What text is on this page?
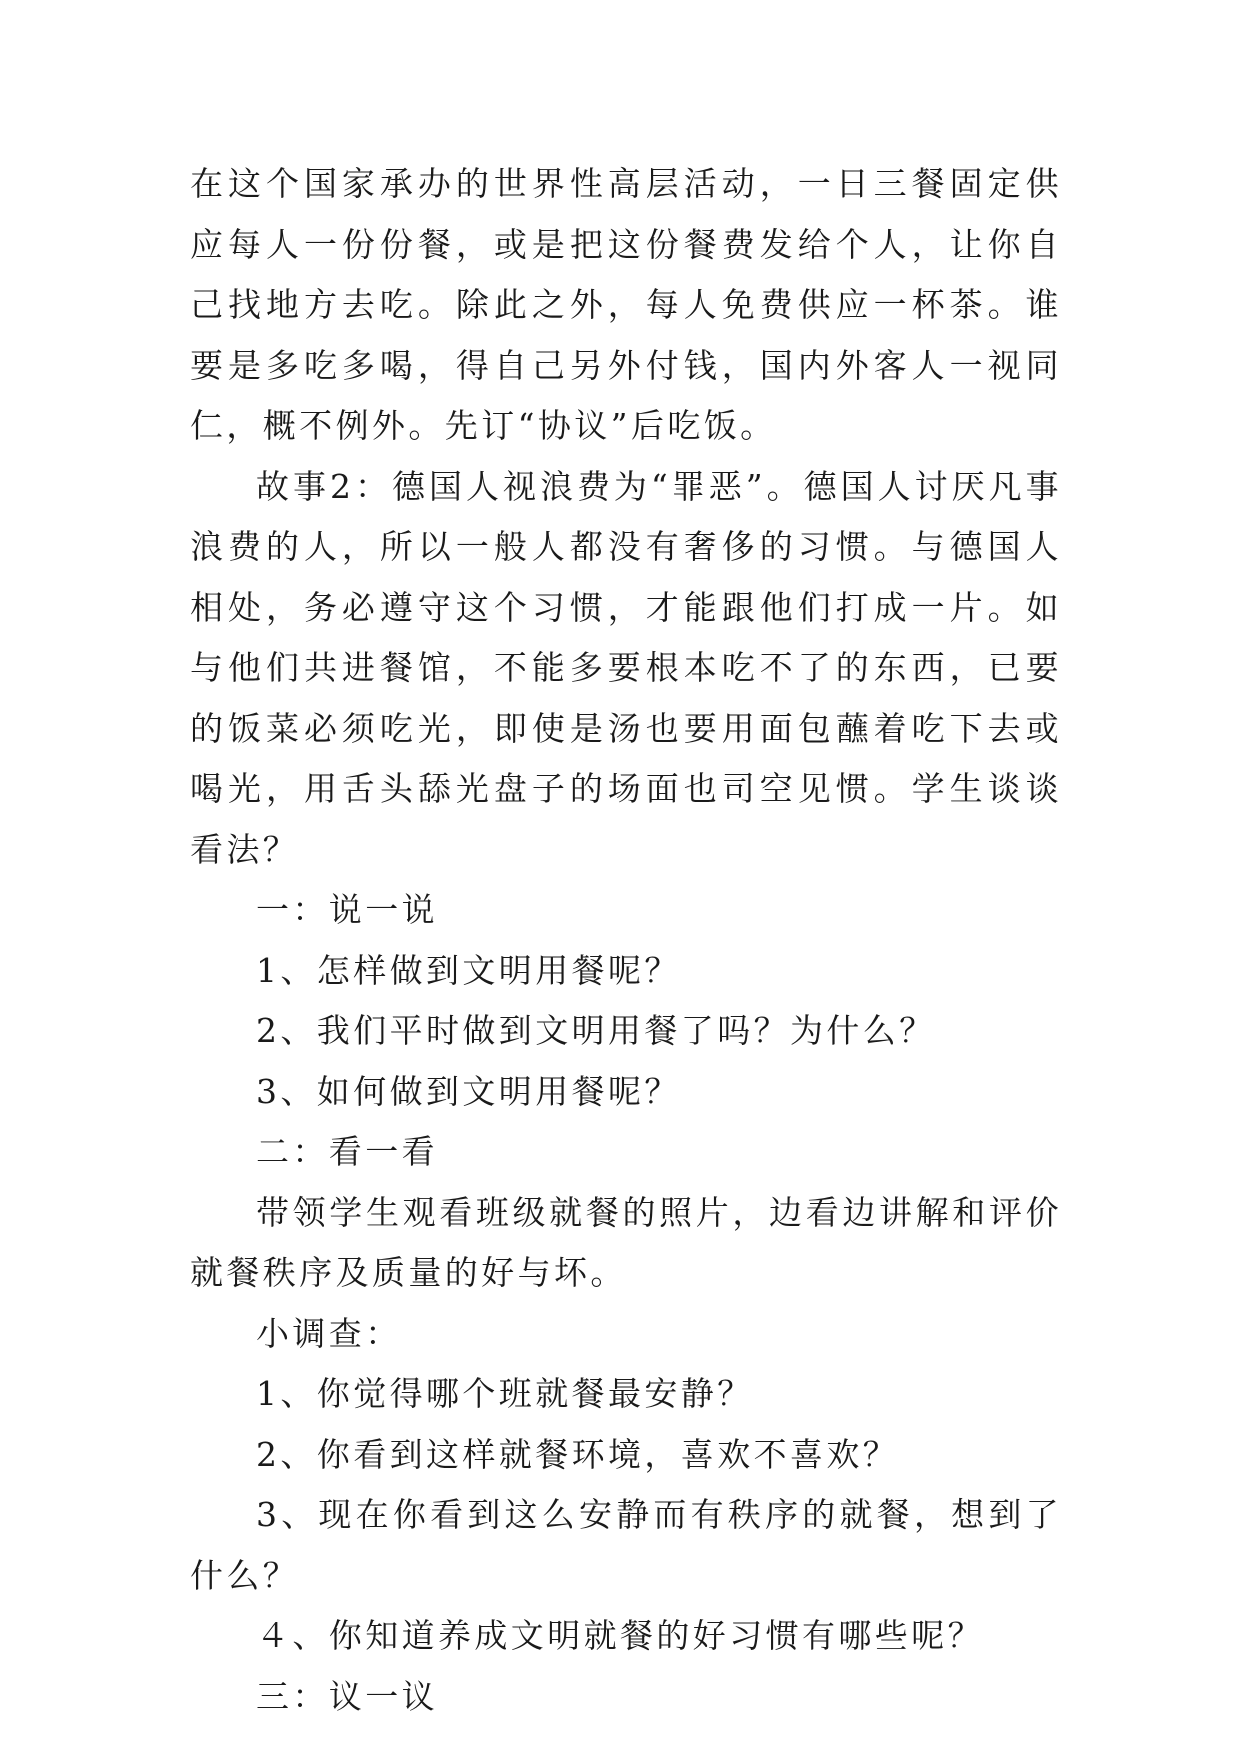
在这个国家承办的世界性高层活动，一日三餐固定供应每人一份份餐，或是把这份餐费发给个人，让你自己找地方去吃。除此之外，每人免费供应一杯茶。谁要是多吃多喝，得自己另外付钱，国内外客人一视同仁，概不例外。先订“协议”后吃饭。

故事2：德国人视浪费为“罪恶”。德国人讨厌凡事浪费的人，所以一般人都没有奢侈的习惯。与德国人相处，务必遵守这个习惯，才能跟他们打成一片。如与他们共进餐馆，不能多要根本吃不了的东西，已要的饭菜必须吃光，即使是汤也要用面包蘸着吃下去或喝光，用舌头舔光盘子的场面也司空见惯。学生谈谈看法？

一：说一说

1、怎样做到文明用餐呢？

2、我们平时做到文明用餐了吗？为什么？

3、如何做到文明用餐呢？

二：看一看

带领学生观看班级就餐的照片，边看边讲解和评价就餐秩序及质量的好与坏。

小调查：

1、你觉得哪个班就餐最安静？

2、你看到这样就餐环境，喜欢不喜欢？

3、现在你看到这么安静而有秩序的就餐，想到了什么？

４、你知道养成文明就餐的好习惯有哪些呢？

三：议一议
